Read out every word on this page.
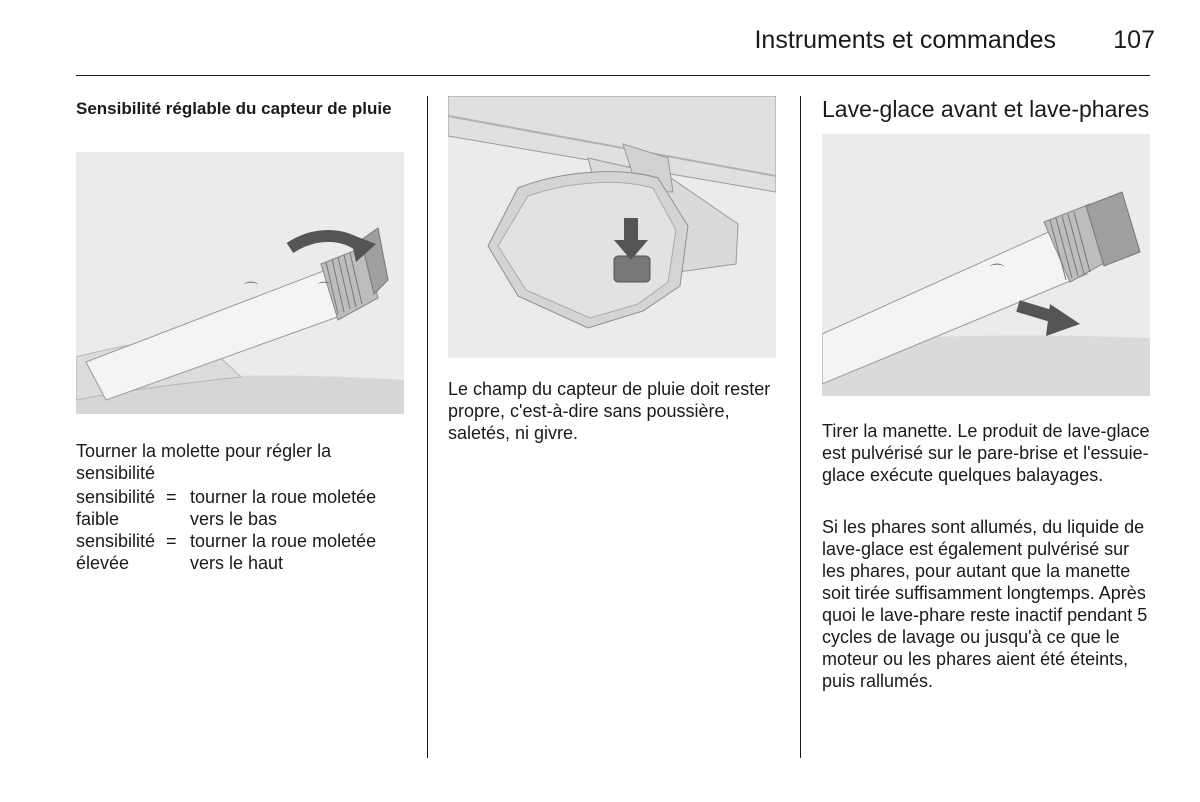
Instruments et commandes	107
Sensibilité réglable du capteur de pluie
⌒	⌒
Tourner la molette pour régler la sensibilité
sensibilité faible
= tourner la roue moletée vers le bas
sensibilité élevée
= tourner la roue moletée vers le haut
Le champ du capteur de pluie doit rester propre, c'est-à-dire sans poussière, saletés, ni givre.
Lave-glace avant et lave-phares
⌒
Tirer la manette. Le produit de lave-glace est pulvérisé sur le pare-brise et l'essuie-glace exécute quelques balayages.
Si les phares sont allumés, du liquide de lave-glace est également pulvérisé sur les phares, pour autant que la manette soit tirée suffisamment longtemps. Après quoi le lave-phare reste inactif pendant 5 cycles de lavage ou jusqu'à ce que le moteur ou les phares aient été éteints, puis rallumés.
